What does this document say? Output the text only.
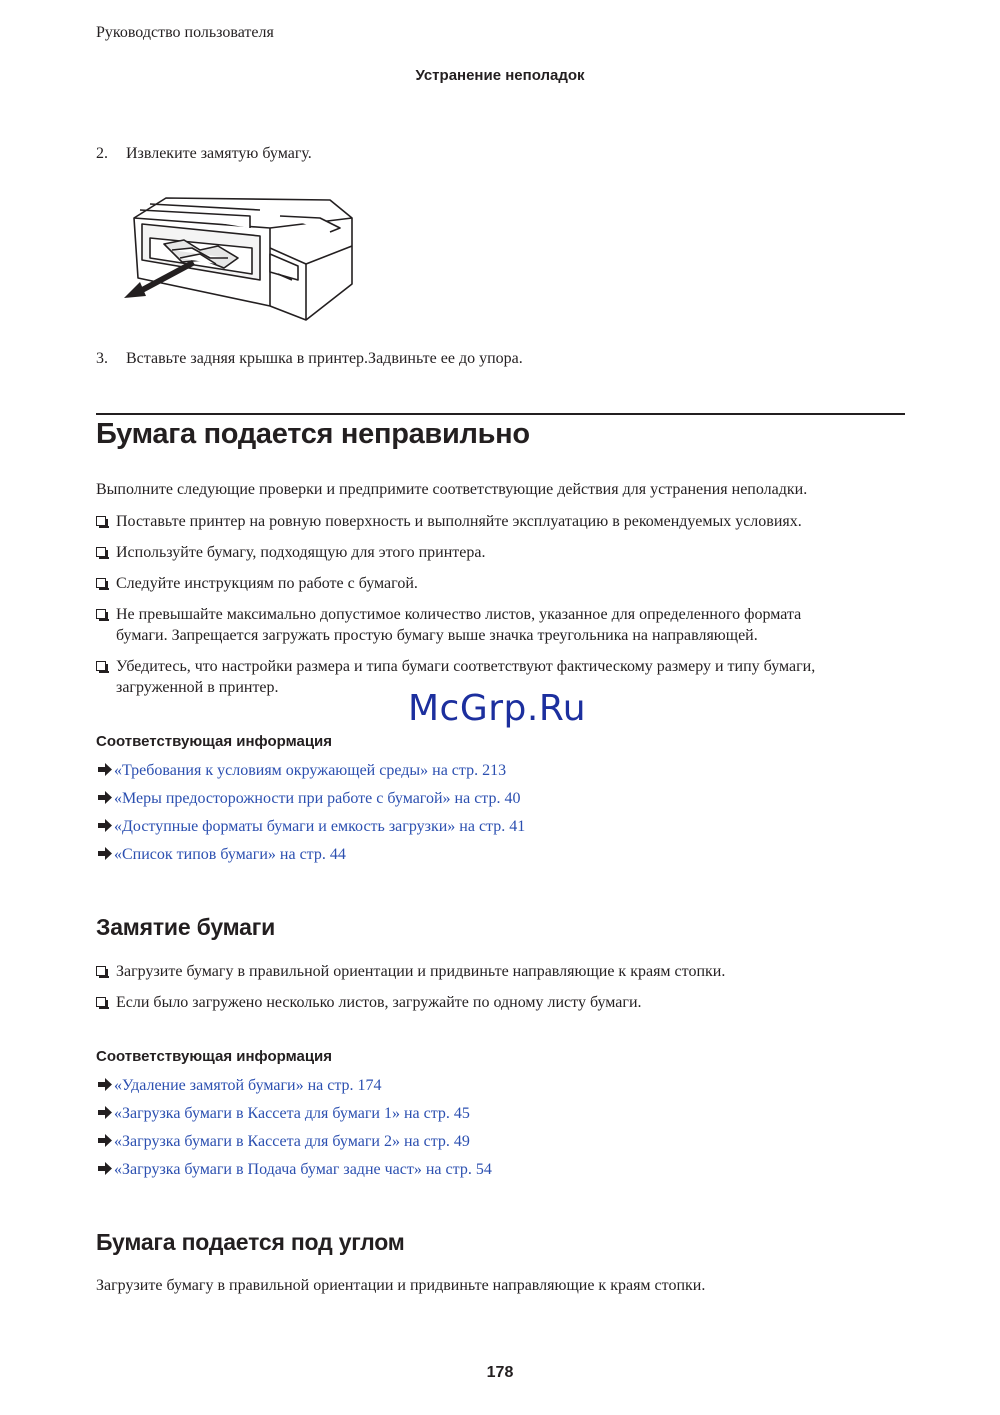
Руководство пользователя
Устранение неполадок
2. Извлеките замятую бумагу.
3. Вставьте задняя крышка в принтер.Задвиньте ее до упора.
Бумага подается неправильно
Выполните следующие проверки и предпримите соответствующие действия для устранения неполадки.
Поставьте принтер на ровную поверхность и выполняйте эксплуатацию в рекомендуемых условиях.
Используйте бумагу, подходящую для этого принтера.
Следуйте инструкциям по работе с бумагой.
Не превышайте максимально допустимое количество листов, указанное для определенного формата
бумаги. Запрещается загружать простую бумагу выше значка треугольника на направляющей.
Убедитесь, что настройки размера и типа бумаги соответствуют фактическому размеру и типу бумаги,
загруженной в принтер.
McGrp.Ru
Соответствующая информация
«Требования к условиям окружающей среды» на стр. 213
«Меры предосторожности при работе с бумагой» на стр. 40
«Доступные форматы бумаги и емкость загрузки» на стр. 41
«Список типов бумаги» на стр. 44
Замятие бумаги
Загрузите бумагу в правильной ориентации и придвиньте направляющие к краям стопки.
Если было загружено несколько листов, загружайте по одному листу бумаги.
Соответствующая информация
«Удаление замятой бумаги» на стр. 174
«Загрузка бумаги в Кассета для бумаги 1» на стр. 45
«Загрузка бумаги в Кассета для бумаги 2» на стр. 49
«Загрузка бумаги в Подача бумаг задне част» на стр. 54
Бумага подается под углом
Загрузите бумагу в правильной ориентации и придвиньте направляющие к краям стопки.
178
